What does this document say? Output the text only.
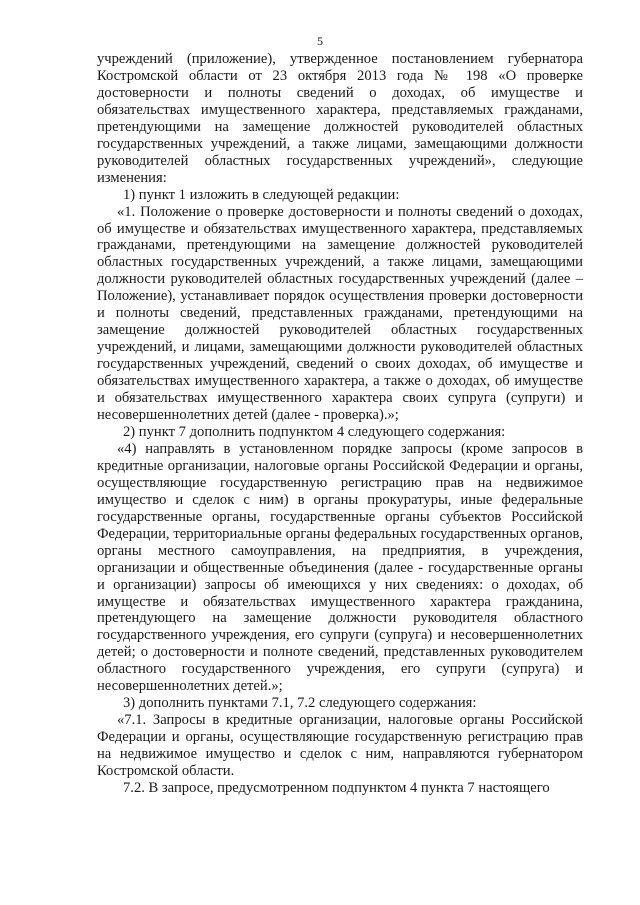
5

учреждений (приложение), утвержденное постановлением губернатора Костромской области от 23 октября 2013 года № 198 «О проверке достоверности и полноты сведений о доходах, об имуществе и обязательствах имущественного характера, представляемых гражданами, претендующими на замещение должностей руководителей областных государственных учреждений, а также лицами, замещающими должности руководителей областных государственных учреждений», следующие изменения:

1) пункт 1 изложить в следующей редакции:

«1. Положение о проверке достоверности и полноты сведений о доходах, об имуществе и обязательствах имущественного характера, представляемых гражданами, претендующими на замещение должностей руководителей областных государственных учреждений, а также лицами, замещающими должности руководителей областных государственных учреждений (далее – Положение), устанавливает порядок осуществления проверки достоверности и полноты сведений, представленных гражданами, претендующими на замещение должностей руководителей областных государственных учреждений, и лицами, замещающими должности руководителей областных государственных учреждений, сведений о своих доходах, об имуществе и обязательствах имущественного характера, а также о доходах, об имуществе и обязательствах имущественного характера своих супруга (супруги) и несовершеннолетних детей (далее - проверка).»;

2) пункт 7 дополнить подпунктом 4 следующего содержания:

«4) направлять в установленном порядке запросы (кроме запросов в кредитные организации, налоговые органы Российской Федерации и органы, осуществляющие государственную регистрацию прав на недвижимое имущество и сделок с ним) в органы прокуратуры, иные федеральные государственные органы, государственные органы субъектов Российской Федерации, территориальные органы федеральных государственных органов, органы местного самоуправления, на предприятия, в учреждения, организации и общественные объединения (далее - государственные органы и организации) запросы об имеющихся у них сведениях: о доходах, об имуществе и обязательствах имущественного характера гражданина, претендующего на замещение должности руководителя областного государственного учреждения, его супруги (супруга) и несовершеннолетних детей; о достоверности и полноте сведений, представленных руководителем областного государственного учреждения, его супруги (супруга) и несовершеннолетних детей.»;

3) дополнить пунктами 7.1, 7.2 следующего содержания:

«7.1. Запросы в кредитные организации, налоговые органы Российской Федерации и органы, осуществляющие государственную регистрацию прав на недвижимое имущество и сделок с ним, направляются губернатором Костромской области.

7.2. В запросе, предусмотренном подпунктом 4 пункта 7 настоящего
